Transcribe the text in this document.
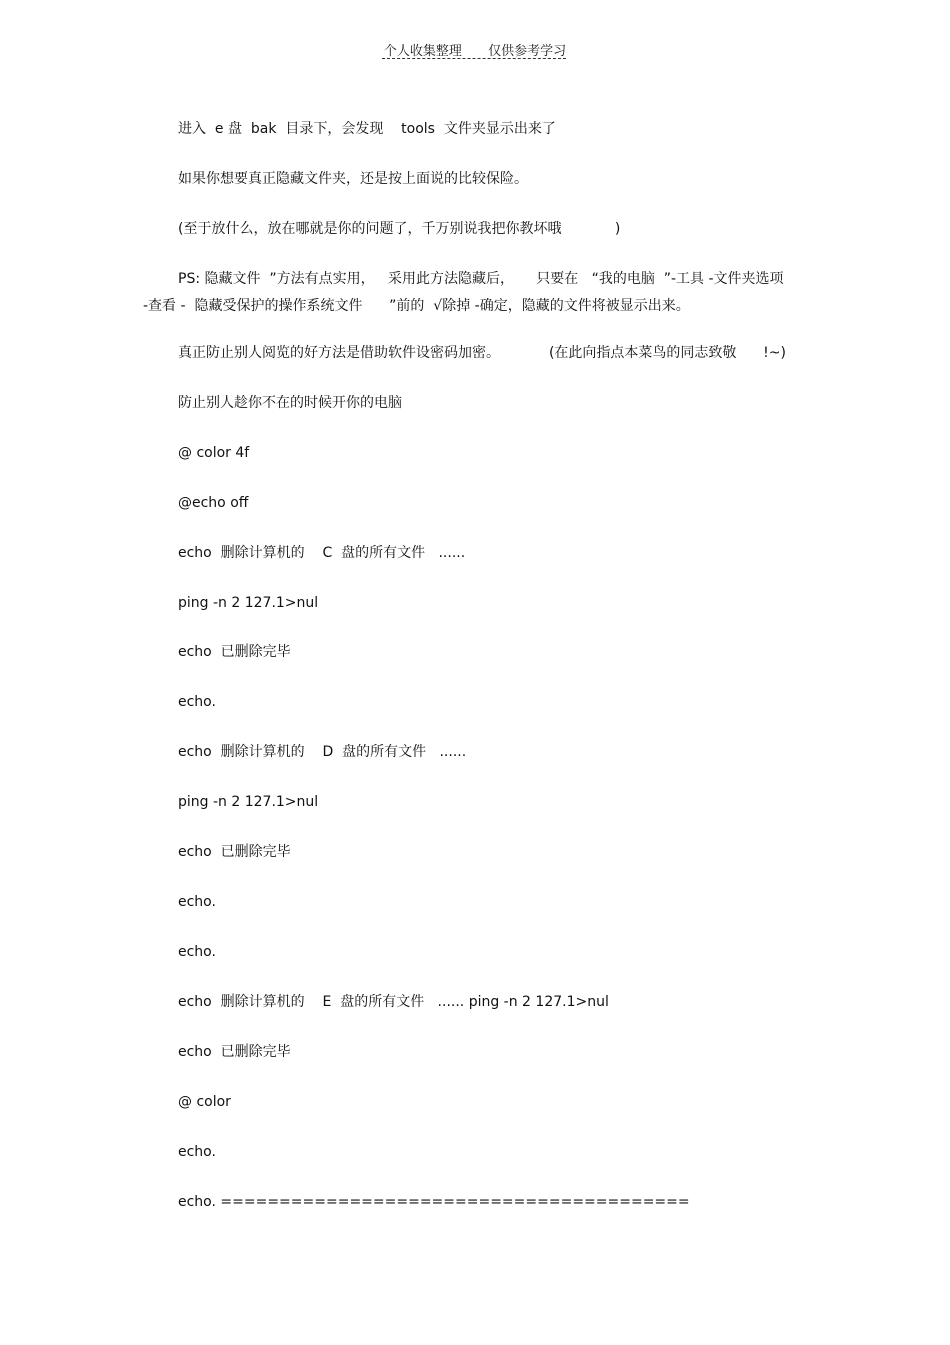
个人收集整理 仅供参考学习
进入  e 盘  bak  目录下，会发现    tools  文件夹显示出来了
如果你想要真正隐藏文件夹，还是按上面说的比较保险。
(至于放什么，放在哪就是你的问题了，千万别说我把你教坏哦            )
PS: 隐藏文件  ”方法有点实用，   采用此方法隐藏后，     只要在   “我的电脑  ”-工具 -文件夹选项
-查看 -  隐藏受保护的操作系统文件      ”前的  √除掉 -确定，隐藏的文件将被显示出来。
真正防止别人阅览的好方法是借助软件设密码加密。           (在此向指点本菜鸟的同志致敬      !~)
防止别人趁你不在的时候开你的电脑
@ color 4f
@echo off
echo  删除计算机的    C  盘的所有文件   ......
ping -n 2 127.1>nul
echo  已删除完毕
echo.
echo  删除计算机的    D  盘的所有文件   ......
ping -n 2 127.1>nul
echo  已删除完毕
echo.
echo.
echo  删除计算机的    E  盘的所有文件   ...... ping -n 2 127.1>nul
echo  已删除完毕
@ color
echo.
echo. ========================================
